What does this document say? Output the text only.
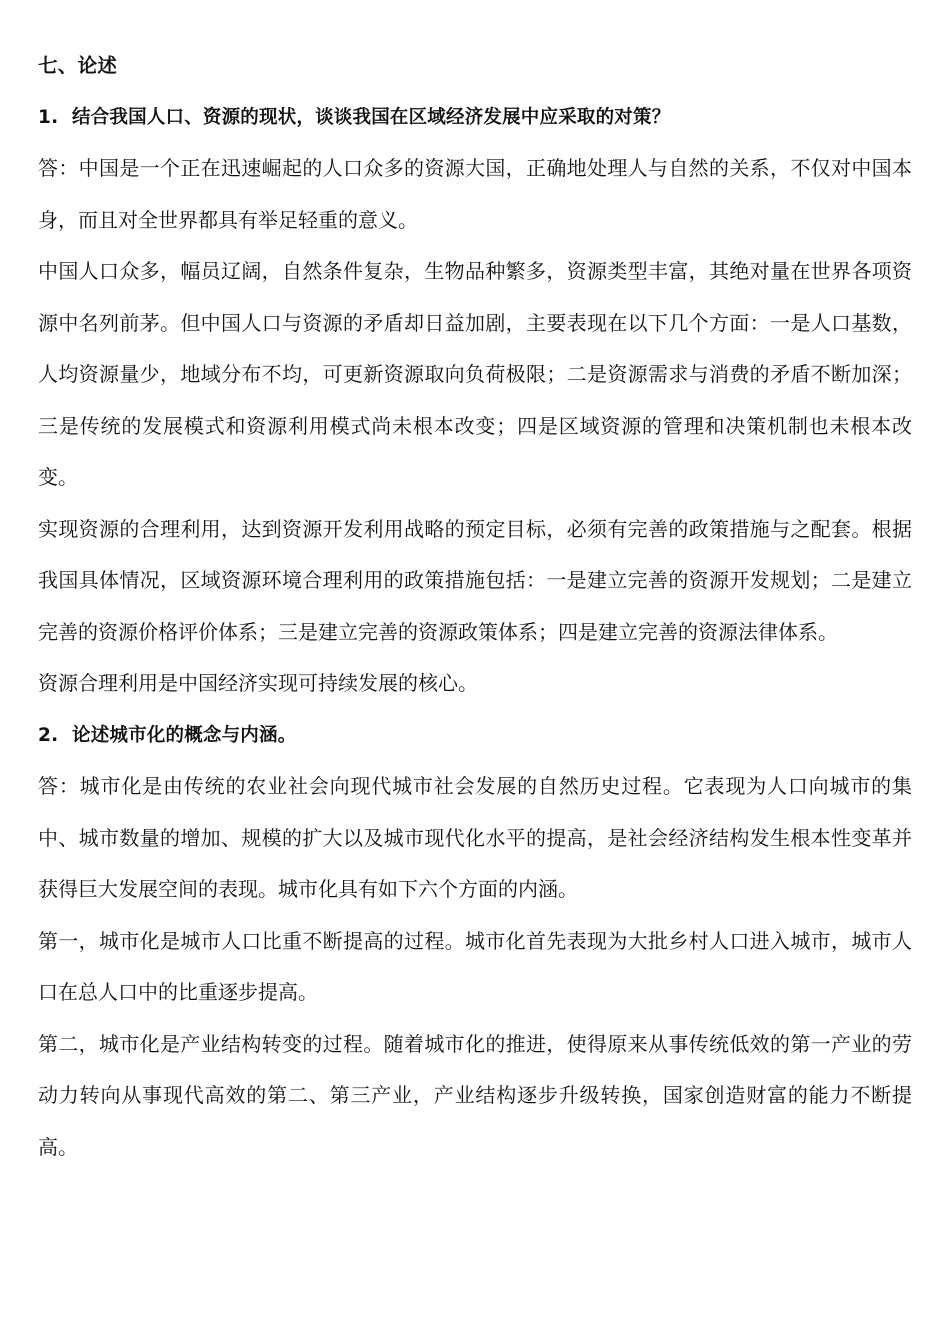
七、论述
1. 结合我国人口、资源的现状，谈谈我国在区域经济发展中应采取的对策？

答：中国是一个正在迅速崛起的人口众多的资源大国，正确地处理人与自然的关系，不仅对中国本身，而且对全世界都具有举足轻重的意义。

中国人口众多，幅员辽阔，自然条件复杂，生物品种繁多，资源类型丰富，其绝对量在世界各项资源中名列前茅。但中国人口与资源的矛盾却日益加剧，主要表现在以下几个方面：一是人口基数，人均资源量少，地域分布不均，可更新资源取向负荷极限；二是资源需求与消费的矛盾不断加深；三是传统的发展模式和资源利用模式尚未根本改变；四是区域资源的管理和决策机制也未根本改变。

实现资源的合理利用，达到资源开发利用战略的预定目标，必须有完善的政策措施与之配套。根据我国具体情况，区域资源环境合理利用的政策措施包括：一是建立完善的资源开发规划；二是建立完善的资源价格评价体系；三是建立完善的资源政策体系；四是建立完善的资源法律体系。

资源合理利用是中国经济实现可持续发展的核心。

2. 论述城市化的概念与内涵。

答：城市化是由传统的农业社会向现代城市社会发展的自然历史过程。它表现为人口向城市的集中、城市数量的增加、规模的扩大以及城市现代化水平的提高，是社会经济结构发生根本性变革并获得巨大发展空间的表现。城市化具有如下六个方面的内涵。

第一，城市化是城市人口比重不断提高的过程。城市化首先表现为大批乡村人口进入城市，城市人口在总人口中的比重逐步提高。

第二，城市化是产业结构转变的过程。随着城市化的推进，使得原来从事传统低效的第一产业的劳动力转向从事现代高效的第二、第三产业，产业结构逐步升级转换，国家创造财富的能力不断提高。
